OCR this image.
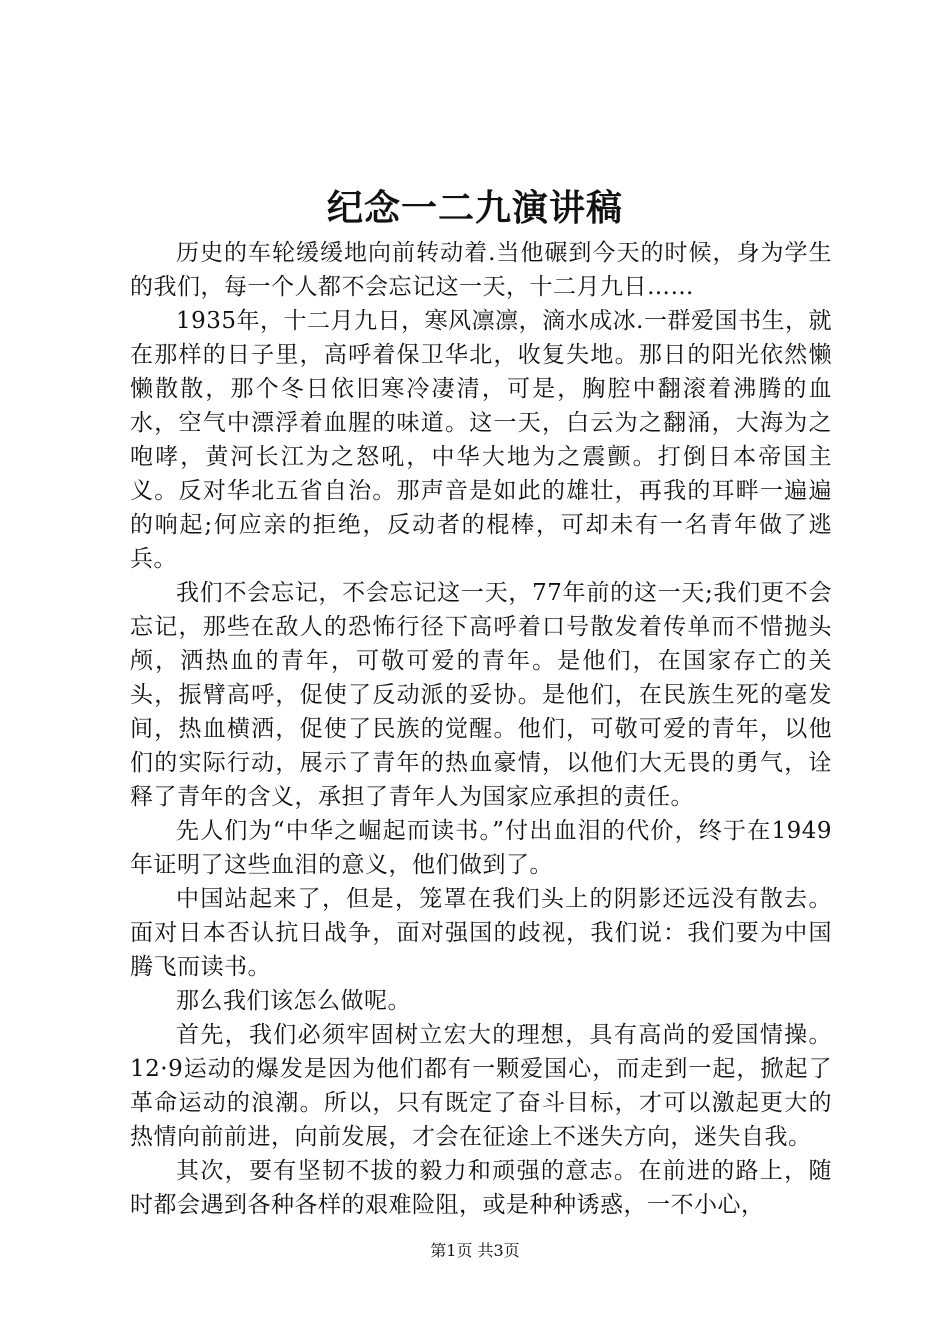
纪念一二九演讲稿

历史的车轮缓缓地向前转动着.当他碾到今天的时候，身为学生的我们，每一个人都不会忘记这一天，十二月九日……

1935年，十二月九日，寒风凛凛，滴水成冰.一群爱国书生，就在那样的日子里，高呼着保卫华北，收复失地。那日的阳光依然懒懒散散，那个冬日依旧寒冷凄清，可是，胸腔中翻滚着沸腾的血水，空气中漂浮着血腥的味道。这一天，白云为之翻涌，大海为之咆哮，黄河长江为之怒吼，中华大地为之震颤。打倒日本帝国主义。反对华北五省自治。那声音是如此的雄壮，再我的耳畔一遍遍的响起;何应亲的拒绝，反动者的棍棒，可却未有一名青年做了逃兵。

我们不会忘记，不会忘记这一天，77年前的这一天;我们更不会忘记，那些在敌人的恐怖行径下高呼着口号散发着传单而不惜抛头颅，洒热血的青年，可敬可爱的青年。是他们，在国家存亡的关头，振臂高呼，促使了反动派的妥协。是他们，在民族生死的毫发间，热血横洒，促使了民族的觉醒。他们，可敬可爱的青年，以他们的实际行动，展示了青年的热血豪情，以他们大无畏的勇气，诠释了青年的含义，承担了青年人为国家应承担的责任。

先人们为“中华之崛起而读书。”付出血泪的代价，终于在1949年证明了这些血泪的意义，他们做到了。

中国站起来了，但是，笼罩在我们头上的阴影还远没有散去。面对日本否认抗日战争，面对强国的歧视，我们说：我们要为中国腾飞而读书。

那么我们该怎么做呢。

首先，我们必须牢固树立宏大的理想，具有高尚的爱国情操。12·9运动的爆发是因为他们都有一颗爱国心，而走到一起，掀起了革命运动的浪潮。所以，只有既定了奋斗目标，才可以激起更大的热情向前前进，向前发展，才会在征途上不迷失方向，迷失自我。

其次，要有坚韧不拔的毅力和顽强的意志。在前进的路上，随时都会遇到各种各样的艰难险阻，或是种种诱惑，一不小心，

第1页 共3页
